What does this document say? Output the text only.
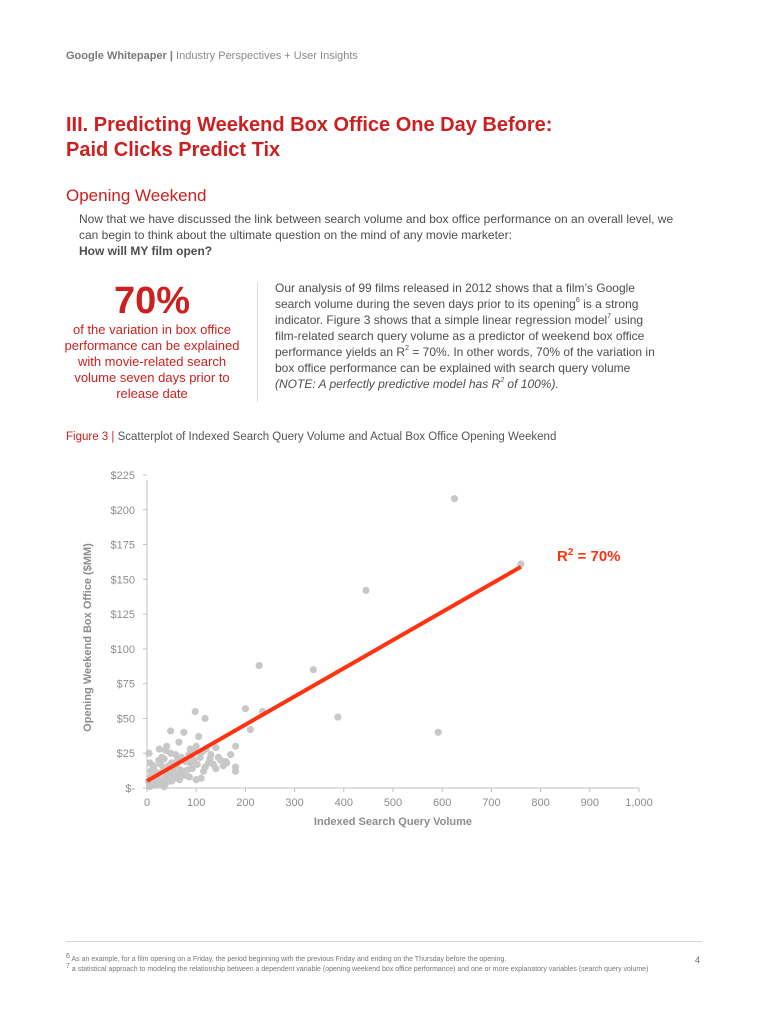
Google Whitepaper | Industry Perspectives + User Insights
III. Predicting Weekend Box Office One Day Before:
Paid Clicks Predict Tix
Opening Weekend
Now that we have discussed the link between search volume and box office performance on an overall level, we can begin to think about the ultimate question on the mind of any movie marketer:
How will MY film open?
70%
of the variation in box office performance can be explained with movie-related search volume seven days prior to release date
Our analysis of 99 films released in 2012 shows that a film’s Google search volume during the seven days prior to its opening$^6$ is a strong indicator. Figure 3 shows that a simple linear regression model$^7$ using film-related search query volume as a predictor of weekend box office performance yields an $R^2 = 70\%$. In other words, 70% of the variation in box office performance can be explained with search query volume (NOTE: A perfectly predictive model has $R^2$ of 100%).
Figure 3 | Scatterplot of Indexed Search Query Volume and Actual Box Office Opening Weekend
$-
$25
$50
$75
$100
$125
$150
$175
$200
$225
0	100	200	300	400	500	600	700	800	900 1,000
Indexed Search Query Volume
Opening Weekend Box Office ($MM)	$R^2 = 70\%$
4
$^6$ As an example, for a film opening on a Friday, the period beginning with the previous Friday and ending on the Thursday before the opening.
$^7$ a statistical approach to modeling the relationship between a dependent variable (opening weekend box office performance) and one or more explanatory variables (search query volume)
